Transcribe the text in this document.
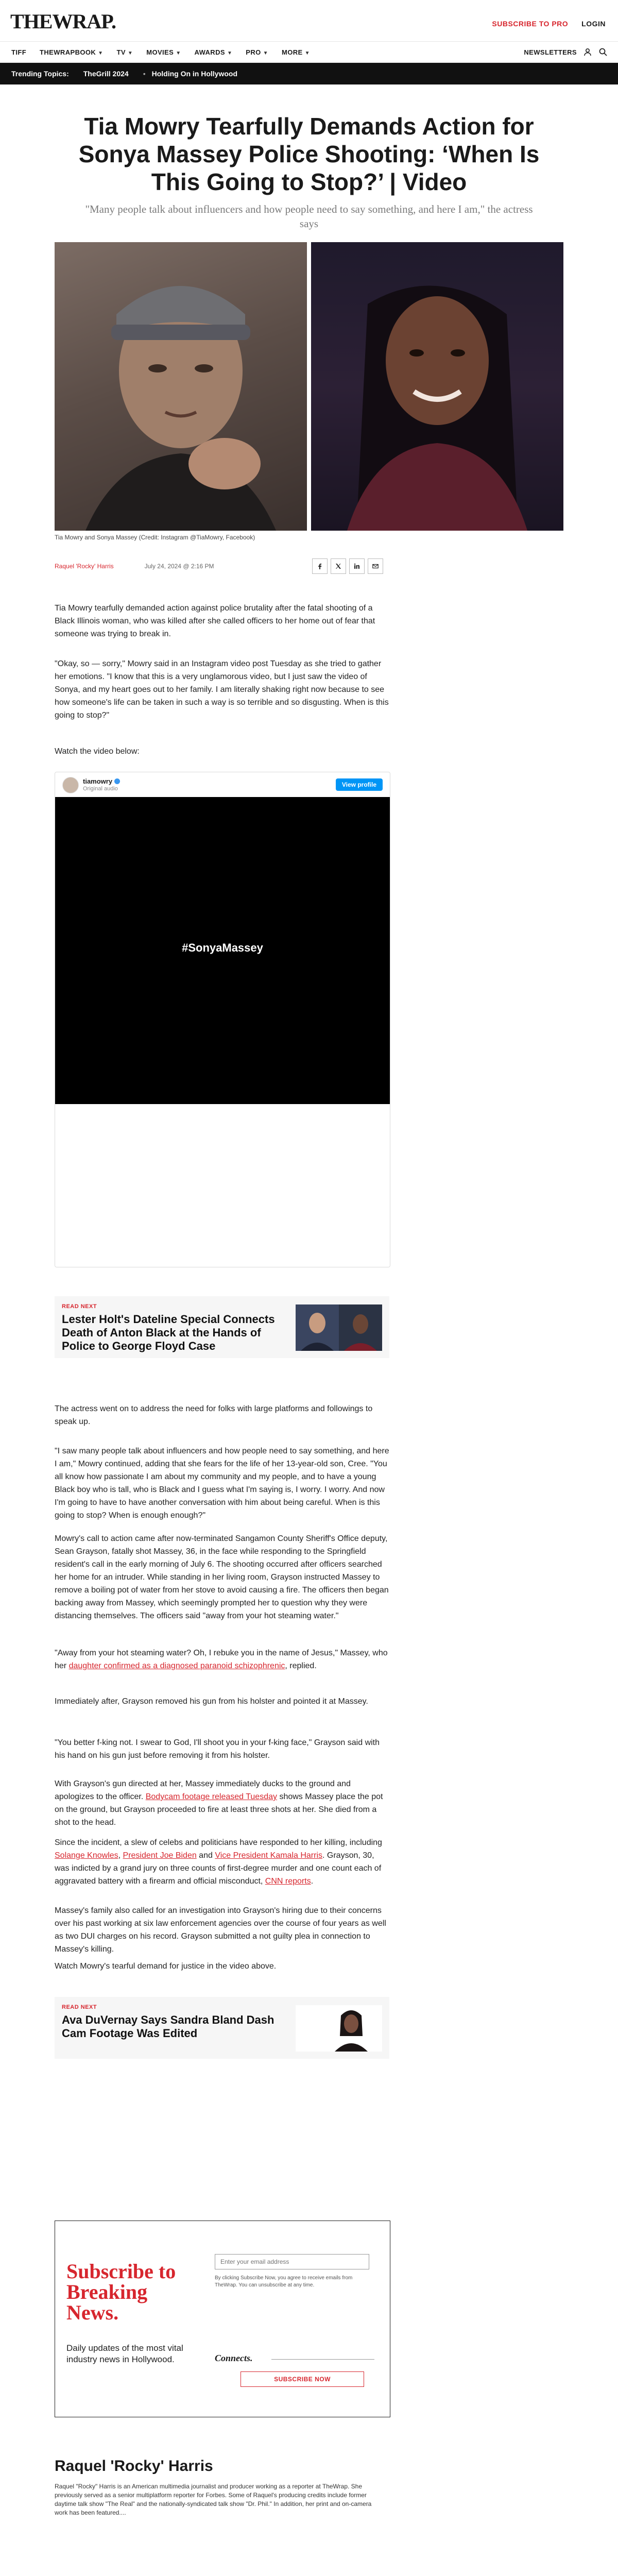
THEWRAP.	SUBSCRIBE TO PRO LOGIN
TIFF THEWRAPBOOK ▼ TV ▼ MOVIES ▼ AWARDS ▼ PRO ▼ MORE ▼	NEWSLETTERS
Trending Topics: TheGrill 2024 • Holding On in Hollywood
Tia Mowry Tearfully Demands Action for Sonya Massey Police Shooting: ‘When Is This Going to Stop?’ | Video
"Many people talk about influencers and how people need to say something, and here I am," the actress says
Tia Mowry and Sonya Massey (Credit: Instagram @TiaMowry, Facebook)
Raquel 'Rocky' Harris	July 24, 2024 @ 2:16 PM

Tia Mowry tearfully demanded action against police brutality after the fatal shooting of a Black Illinois woman, who was killed after she called officers to her home out of fear that someone was trying to break in.

"Okay, so — sorry," Mowry said in an Instagram video post Tuesday as she tried to gather her emotions. "I know that this is a very unglamorous video, but I just saw the video of Sonya, and my heart goes out to her family. I am literally shaking right now because to see how someone's life can be taken in such a way is so terrible and so disgusting. When is this going to stop?"

Watch the video below:

tiamowry
Original audio
View profile
#SonyaMassey
READ NEXT
Lester Holt's Dateline Special Connects Death of Anton Black at the Hands of Police to George Floyd Case

The actress went on to address the need for folks with large platforms and followings to speak up.

"I saw many people talk about influencers and how people need to say something, and here I am," Mowry continued, adding that she fears for the life of her 13-year-old son, Cree. "You all know how passionate I am about my community and my people, and to have a young Black boy who is tall, who is Black and I guess what I'm saying is, I worry. I worry. And now I'm going to have to have another conversation with him about being careful. When is this going to stop? When is enough enough?"

Mowry's call to action came after now-terminated Sangamon County Sheriff's Office deputy, Sean Grayson, fatally shot Massey, 36, in the face while responding to the Springfield resident's call in the early morning of July 6. The shooting occurred after officers searched her home for an intruder. While standing in her living room, Grayson instructed Massey to remove a boiling pot of water from her stove to avoid causing a fire. The officers then began backing away from Massey, which seemingly prompted her to question why they were distancing themselves. The officers said "away from your hot steaming water."

"Away from your hot steaming water? Oh, I rebuke you in the name of Jesus," Massey, who her daughter confirmed as a diagnosed paranoid schizophrenic, replied.

Immediately after, Grayson removed his gun from his holster and pointed it at Massey.

"You better f-king not. I swear to God, I'll shoot you in your f-king face," Grayson said with his hand on his gun just before removing it from his holster.

With Grayson's gun directed at her, Massey immediately ducks to the ground and apologizes to the officer. Bodycam footage released Tuesday shows Massey place the pot on the ground, but Grayson proceeded to fire at least three shots at her. She died from a shot to the head.

Since the incident, a slew of celebs and politicians have responded to her killing, including Solange Knowles, President Joe Biden and Vice President Kamala Harris. Grayson, 30, was indicted by a grand jury on three counts of first-degree murder and one count each of aggravated battery with a firearm and official misconduct, CNN reports.

Massey's family also called for an investigation into Grayson's hiring due to their concerns over his past working at six law enforcement agencies over the course of four years as well as two DUI charges on his record. Grayson submitted a not guilty plea in connection to Massey's killing.

Watch Mowry's tearful demand for justice in the video above.

READ NEXT
Ava DuVernay Says Sandra Bland Dash Cam Footage Was Edited
Subscribe to Breaking News.
Daily updates of the most vital industry news in Hollywood.
Enter your email address
By clicking Subscribe Now, you agree to receive emails from TheWrap. You can unsubscribe at any time.
Connects.
SUBSCRIBE NOW
Raquel 'Rocky' Harris
Raquel "Rocky" Harris is an American multimedia journalist and producer working as a reporter at TheWrap. She previously served as a senior multiplatform reporter for Forbes. Some of Raquel's producing credits include former daytime talk show "The Real" and the nationally-syndicated talk show "Dr. Phil." In addition, her print and on-camera work has been featured....
